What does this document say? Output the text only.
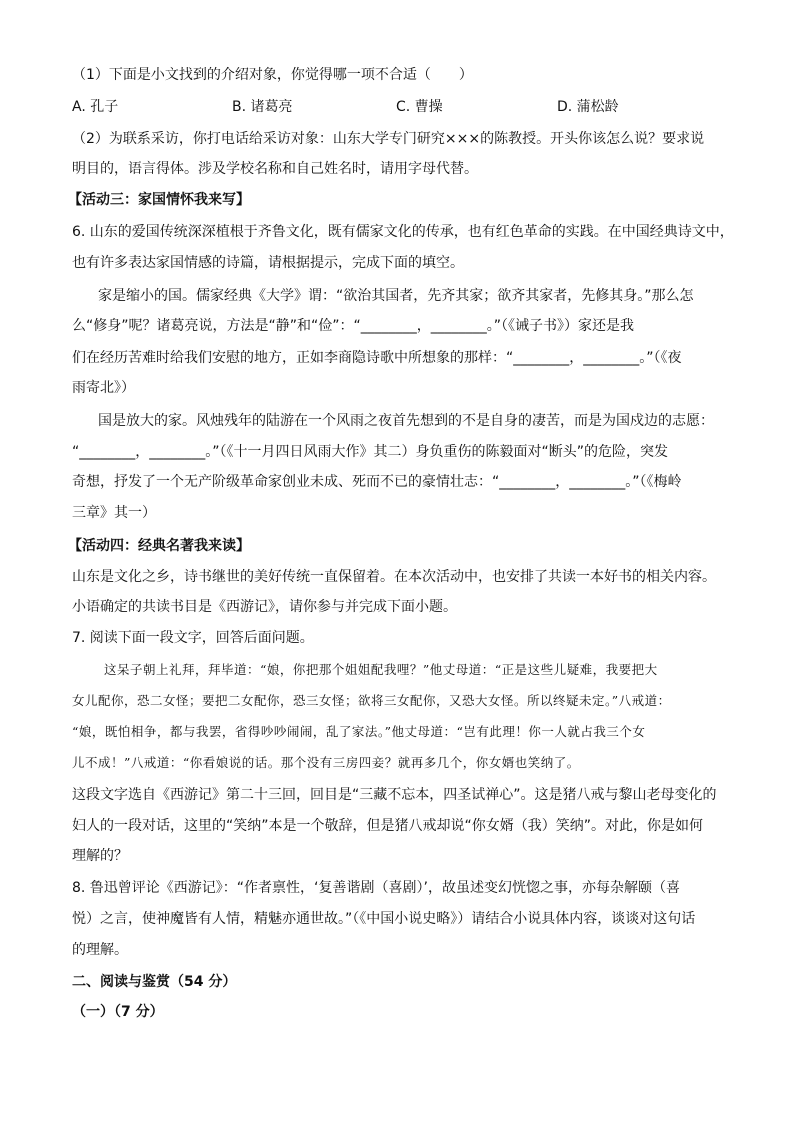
（1）下面是小文找到的介绍对象，你觉得哪一项不合适（　　）
A. 孔子	B. 诸葛亮	C. 曹操	D. 蒲松龄
（2）为联系采访，你打电话给采访对象：山东大学专门研究×××的陈教授。开头你该怎么说？要求说
明目的，语言得体。涉及学校名称和自己姓名时，请用字母代替。
【活动三：家国情怀我来写】
6. 山东的爱国传统深深植根于齐鲁文化，既有儒家文化的传承，也有红色革命的实践。在中国经典诗文中，
也有许多表达家国情感的诗篇，请根据提示，完成下面的填空。
家是缩小的国。儒家经典《大学》谓：“欲治其国者，先齐其家；欲齐其家者，先修其身。”那么怎
么“修身”呢？诸葛亮说，方法是“静”和“俭”：“________，________。”（《诫子书》）家还是我
们在经历苦难时给我们安慰的地方，正如李商隐诗歌中所想象的那样：“________，________。”（《夜
雨寄北》）
国是放大的家。风烛残年的陆游在一个风雨之夜首先想到的不是自身的凄苦，而是为国戍边的志愿：
“________，________。”（《十一月四日风雨大作》其二）身负重伤的陈毅面对“断头”的危险，突发
奇想，抒发了一个无产阶级革命家创业未成、死而不已的豪情壮志：“________，________。”（《梅岭
三章》其一）
【活动四：经典名著我来读】
山东是文化之乡，诗书继世的美好传统一直保留着。在本次活动中，也安排了共读一本好书的相关内容。
小语确定的共读书目是《西游记》，请你参与并完成下面小题。
7. 阅读下面一段文字，回答后面问题。
这呆子朝上礼拜，拜毕道：“娘，你把那个姐姐配我哩？”他丈母道：“正是这些儿疑难，我要把大
女儿配你，恐二女怪；要把二女配你，恐三女怪；欲将三女配你，又恐大女怪。所以终疑未定。”八戒道：
“娘，既怕相争，都与我罢，省得吵吵闹闹，乱了家法。”他丈母道：“岂有此理！你一人就占我三个女
儿不成！”八戒道：“你看娘说的话。那个没有三房四妾？就再多几个，你女婿也笑纳了。
这段文字选自《西游记》第二十三回，回目是“三藏不忘本，四圣试禅心”。这是猪八戒与黎山老母变化的
妇人的一段对话，这里的“笑纳”本是一个敬辞，但是猪八戒却说“你女婿（我）笑纳”。对此，你是如何
理解的？
8. 鲁迅曾评论《西游记》：“作者禀性，‘复善谐剧（喜剧）’，故虽述变幻恍惚之事，亦每杂解颐（喜
悦）之言，使神魔皆有人情，精魅亦通世故。”（《中国小说史略》）请结合小说具体内容，谈谈对这句话
的理解。
二、阅读与鉴赏（54 分）
（一）（7 分）
